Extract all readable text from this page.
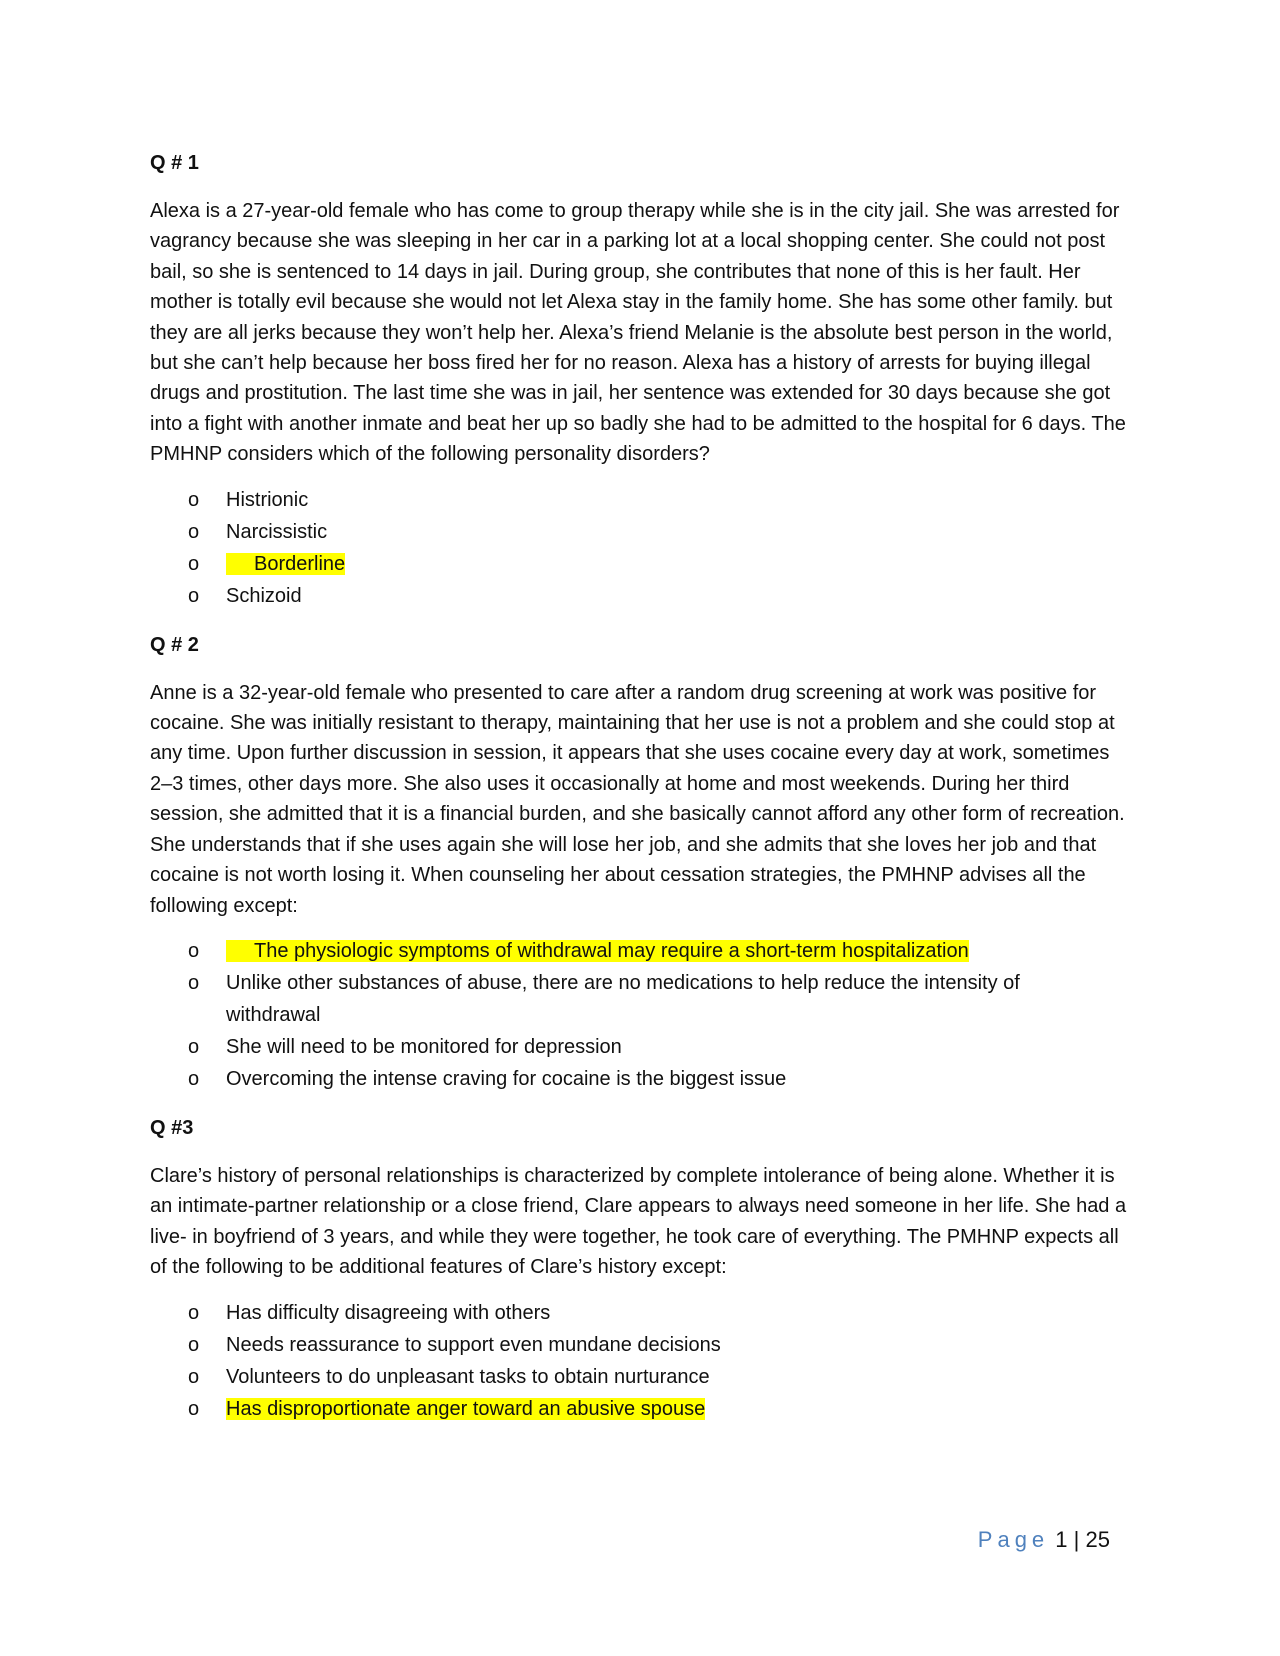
Q # 1

Alexa is a 27-year-old female who has come to group therapy while she is in the city jail. She was arrested for vagrancy because she was sleeping in her car in a parking lot at a local shopping center. She could not post bail, so she is sentenced to 14 days in jail. During group, she contributes that none of this is her fault. Her mother is totally evil because she would not let Alexa stay in the family home. She has some other family. but they are all jerks because they won’t help her. Alexa’s friend Melanie is the absolute best person in the world, but she can’t help because her boss fired her for no reason. Alexa has a history of arrests for buying illegal drugs and prostitution. The last time she was in jail, her sentence was extended for 30 days because she got into a fight with another inmate and beat her up so badly she had to be admitted to the hospital for 6 days. The PMHNP considers which of the following personality disorders?

o Histrionic
o Narcissistic
o	Borderline
o Schizoid
Q # 2

Anne is a 32-year-old female who presented to care after a random drug screening at work was positive for cocaine. She was initially resistant to therapy, maintaining that her use is not a problem and she could stop at any time. Upon further discussion in session, it appears that she uses cocaine every day at work, sometimes 2–3 times, other days more. She also uses it occasionally at home and most weekends. During her third session, she admitted that it is a financial burden, and she basically cannot afford any other form of recreation. She understands that if she uses again she will lose her job, and she admits that she loves her job and that cocaine is not worth losing it. When counseling her about cessation strategies, the PMHNP advises all the following except:

o	The physiologic symptoms of withdrawal may require a short-term hospitalization
o Unlike other substances of abuse, there are no medications to help reduce the intensity of withdrawal
o She will need to be monitored for depression
o Overcoming the intense craving for cocaine is the biggest issue
Q #3

Clare’s history of personal relationships is characterized by complete intolerance of being alone. Whether it is an intimate-partner relationship or a close friend, Clare appears to always need someone in her life. She had a live- in boyfriend of 3 years, and while they were together, he took care of everything. The PMHNP expects all of the following to be additional features of Clare’s history except:

o Has difficulty disagreeing with others
o Needs reassurance to support even mundane decisions
o Volunteers to do unpleasant tasks to obtain nurturance
o Has disproportionate anger toward an abusive spouse
Page 1 | 25
